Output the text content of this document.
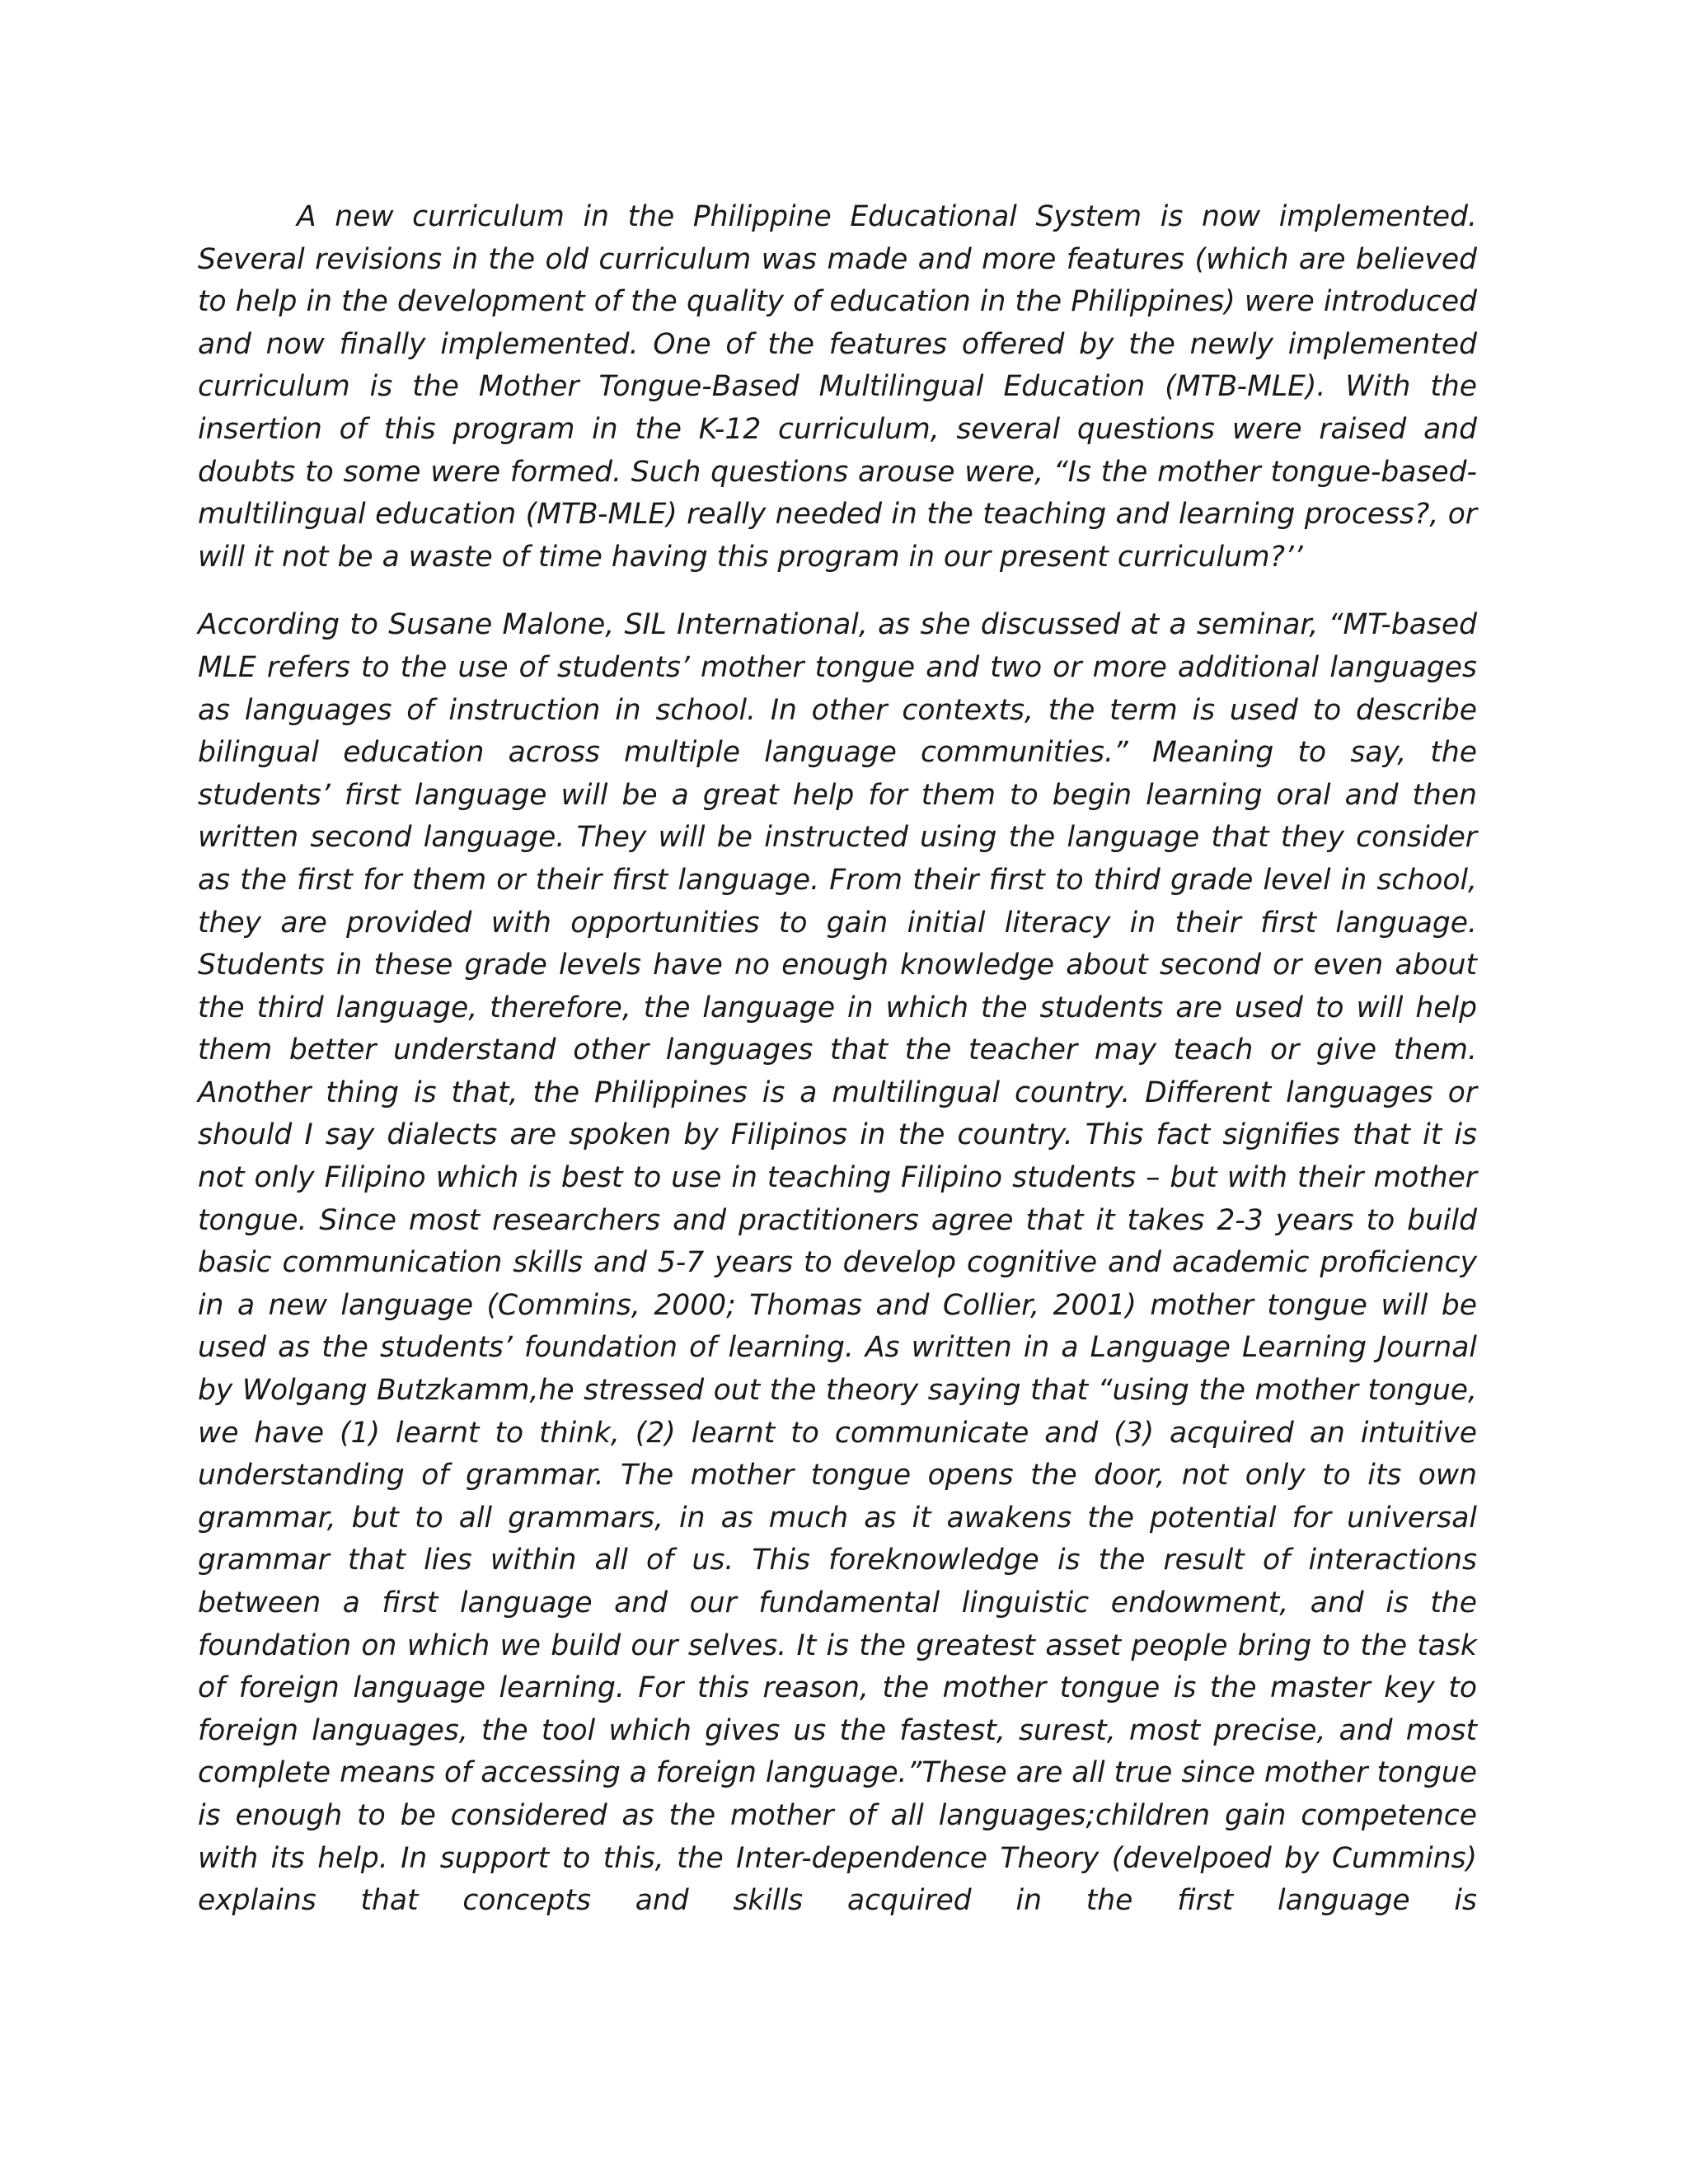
A new curriculum in the Philippine Educational System is now implemented. Several revisions in the old curriculum was made and more features (which are believed to help in the development of the quality of education in the Philippines) were introduced and now finally implemented. One of the features offered by the newly implemented curriculum is the Mother Tongue-Based Multilingual Education (MTB-MLE). With the insertion of this program in the K-12 curriculum, several questions were raised and doubts to some were formed. Such questions arouse were, “Is the mother tongue-based-multilingual education (MTB-MLE) really needed in the teaching and learning process?, or will it not be a waste of time having this program in our present curriculum?’’

According to Susane Malone, SIL International, as she discussed at a seminar, “MT-based MLE refers to the use of students’ mother tongue and two or more additional languages as languages of instruction in school. In other contexts, the term is used to describe bilingual education across multiple language communities.” Meaning to say, the students’ first language will be a great help for them to begin learning oral and then written second language. They will be instructed using the language that they consider as the first for them or their first language. From their first to third grade level in school, they are provided with opportunities to gain initial literacy in their first language. Students in these grade levels have no enough knowledge about second or even about the third language, therefore, the language in which the students are used to will help them better understand other languages that the teacher may teach or give them. Another thing is that, the Philippines is a multilingual country. Different languages or should I say dialects are spoken by Filipinos in the country. This fact signifies that it is not only Filipino which is best to use in teaching Filipino students – but with their mother tongue. Since most researchers and practitioners agree that it takes 2-3 years to build basic communication skills and 5-7 years to develop cognitive and academic proficiency in a new language (Commins, 2000; Thomas and Collier, 2001) mother tongue will be used as the students’ foundation of learning. As written in a Language Learning Journal by Wolgang Butzkamm,he stressed out the theory saying that “using the mother tongue, we have (1) learnt to think, (2) learnt to communicate and (3) acquired an intuitive understanding of grammar. The mother tongue opens the door, not only to its own grammar, but to all grammars, in as much as it awakens the potential for universal grammar that lies within all of us. This foreknowledge is the result of interactions between a first language and our fundamental linguistic endowment, and is the foundation on which we build our selves. It is the greatest asset people bring to the task of foreign language learning. For this reason, the mother tongue is the master key to foreign languages, the tool which gives us the fastest, surest, most precise, and most complete means of accessing a foreign language.”These are all true since mother tongue is enough to be considered as the mother of all languages;children gain competence with its help. In support to this, the Inter-dependence Theory (develpoed by Cummins) explains that concepts and skills acquired in the first language is
